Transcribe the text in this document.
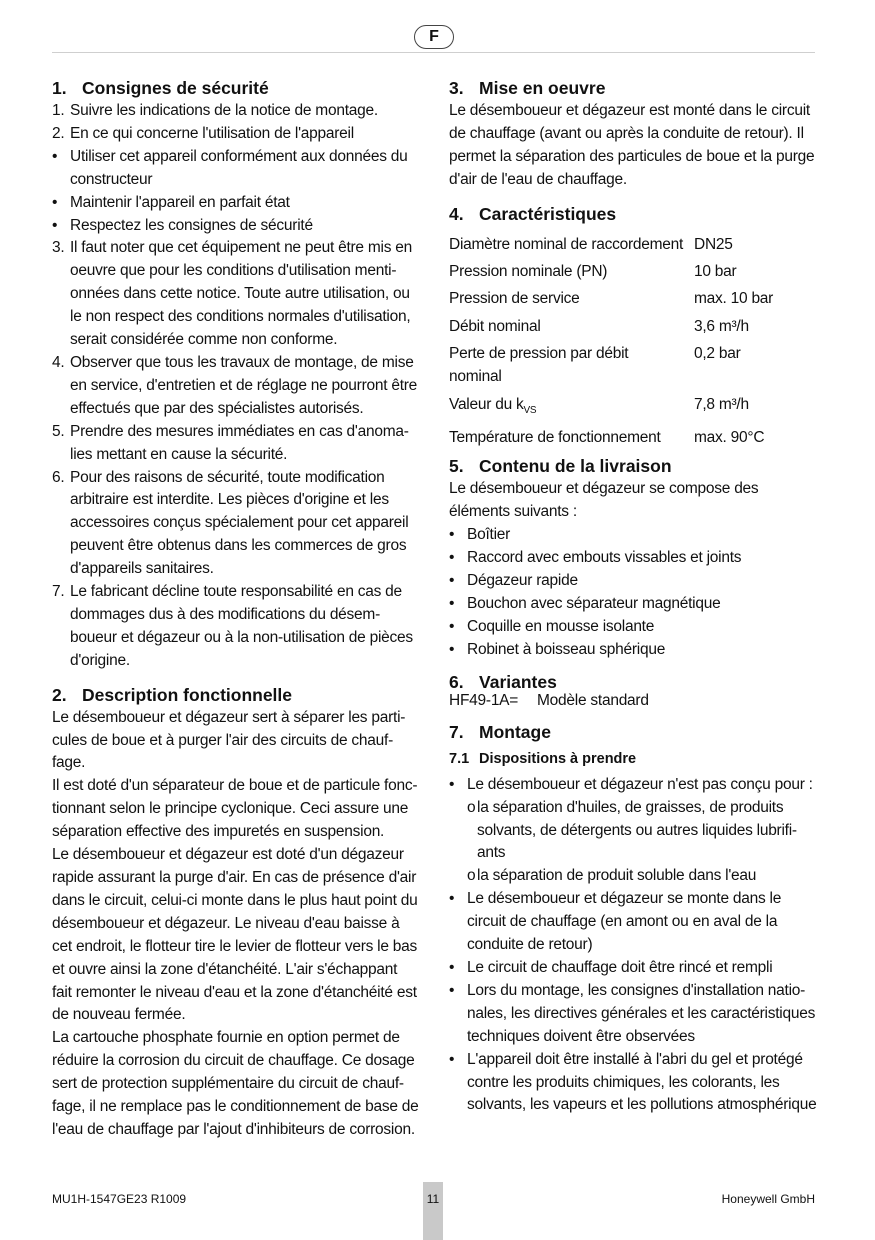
F
1. Consignes de sécurité
1. Suivre les indications de la notice de montage.
2. En ce qui concerne l'utilisation de l'appareil
• Utiliser cet appareil conformément aux données du constructeur
• Maintenir l'appareil en parfait état
• Respectez les consignes de sécurité
3. Il faut noter que cet équipement ne peut être mis en oeuvre que pour les conditions d'utilisation mentionnées dans cette notice. Toute autre utilisation, ou le non respect des conditions normales d'utilisation, serait considérée comme non conforme.
4. Observer que tous les travaux de montage, de mise en service, d'entretien et de réglage ne pourront être effectués que par des spécialistes autorisés.
5. Prendre des mesures immédiates en cas d'anomalies mettant en cause la sécurité.
6. Pour des raisons de sécurité, toute modification arbitraire est interdite. Les pièces d'origine et les accessoires conçus spécialement pour cet appareil peuvent être obtenus dans les commerces de gros d'appareils sanitaires.
7. Le fabricant décline toute responsabilité en cas de dommages dus à des modifications du désemboueur et dégazeur ou à la non-utilisation de pièces d'origine.
2. Description fonctionnelle

Le désemboueur et dégazeur sert à séparer les particules de boue et à purger l'air des circuits de chauffage.

Il est doté d'un séparateur de boue et de particule fonctionnant selon le principe cyclonique. Ceci assure une séparation effective des impuretés en suspension.

Le désemboueur et dégazeur est doté d'un dégazeur rapide assurant la purge d'air. En cas de présence d'air dans le circuit, celui-ci monte dans le plus haut point du désemboueur et dégazeur. Le niveau d'eau baisse à cet endroit, le flotteur tire le levier de flotteur vers le bas et ouvre ainsi la zone d'étanchéité. L'air s'échappant fait remonter le niveau d'eau et la zone d'étanchéité est de nouveau fermée.

La cartouche phosphate fournie en option permet de réduire la corrosion du circuit de chauffage. Ce dosage sert de protection supplémentaire du circuit de chauffage, il ne remplace pas le conditionnement de base de l'eau de chauffage par l'ajout d'inhibiteurs de corrosion.

3. Mise en oeuvre

Le désemboueur et dégazeur est monté dans le circuit de chauffage (avant ou après la conduite de retour). Il permet la séparation des particules de boue et la purge d'air de l'eau de chauffage.

4. Caractéristiques
Diamètre nominal de raccordement	DN25
Pression nominale (PN)	10 bar
Pression de service	max. 10 bar
Débit nominal	3,6 m³/h
Perte de pression par débit nominal	0,2 bar
Valeur du $k_{VS}$	7,8 m³/h
Température de fonctionnement	max. 90°C
5. Contenu de la livraison

Le désemboueur et dégazeur se compose des éléments suivants :

• Boîtier
• Raccord avec embouts vissables et joints
• Dégazeur rapide
• Bouchon avec séparateur magnétique
• Coquille en mousse isolante
• Robinet à boisseau sphérique
6. Variantes
HF49-1A=	Modèle standard
7. Montage
7.1 Dispositions à prendre
• Le désemboueur et dégazeur n'est pas conçu pour :
o la séparation d'huiles, de graisses, de produits solvants, de détergents ou autres liquides lubrifiants
o la séparation de produit soluble dans l'eau
• Le désemboueur et dégazeur se monte dans le circuit de chauffage (en amont ou en aval de la conduite de retour)
• Le circuit de chauffage doit être rincé et rempli
• Lors du montage, les consignes d'installation nationales, les directives générales et les caractéristiques techniques doivent être observées
• L'appareil doit être installé à l'abri du gel et protégé contre les produits chimiques, les colorants, les solvants, les vapeurs et les pollutions atmosphérique
MU1H-1547GE23 R1009	11	Honeywell GmbH
